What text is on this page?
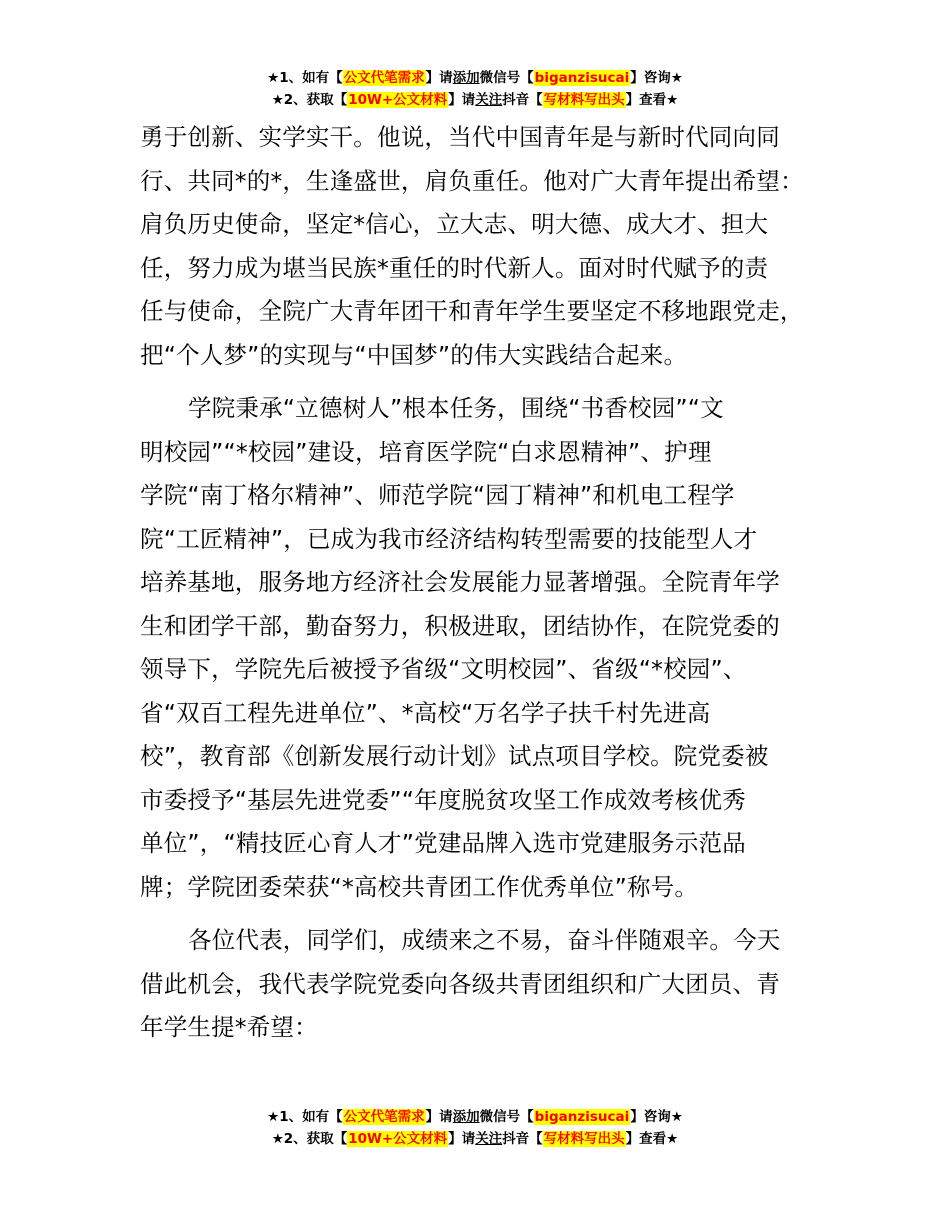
★1、如有【公文代笔需求】请添加微信号【biganzisucai】咨询★
★2、获取【10W+公文材料】请关注抖音【写材料写出头】查看★
勇于创新、实学实干。他说，当代中国青年是与新时代同向同
行、共同*的*，生逢盛世，肩负重任。他对广大青年提出希望：
肩负历史使命，坚定*信心，立大志、明大德、成大才、担大
任，努力成为堪当民族*重任的时代新人。面对时代赋予的责
任与使命，全院广大青年团干和青年学生要坚定不移地跟党走，
把“个人梦”的实现与“中国梦”的伟大实践结合起来。
学院秉承“立德树人”根本任务，围绕“书香校园”“文
明校园”“*校园”建设，培育医学院“白求恩精神”、护理
学院“南丁格尔精神”、师范学院“园丁精神”和机电工程学
院“工匠精神”，已成为我市经济结构转型需要的技能型人才
培养基地，服务地方经济社会发展能力显著增强。全院青年学
生和团学干部，勤奋努力，积极进取，团结协作，在院党委的
领导下，学院先后被授予省级“文明校园”、省级“*校园”、
省“双百工程先进单位”、*高校“万名学子扶千村先进高
校”，教育部《创新发展行动计划》试点项目学校。院党委被
市委授予“基层先进党委”“年度脱贫攻坚工作成效考核优秀
单位”，“精技匠心育人才”党建品牌入选市党建服务示范品
牌；学院团委荣获“*高校共青团工作优秀单位”称号。
各位代表，同学们，成绩来之不易，奋斗伴随艰辛。今天
借此机会，我代表学院党委向各级共青团组织和广大团员、青
年学生提*希望：
★1、如有【公文代笔需求】请添加微信号【biganzisucai】咨询★
★2、获取【10W+公文材料】请关注抖音【写材料写出头】查看★
